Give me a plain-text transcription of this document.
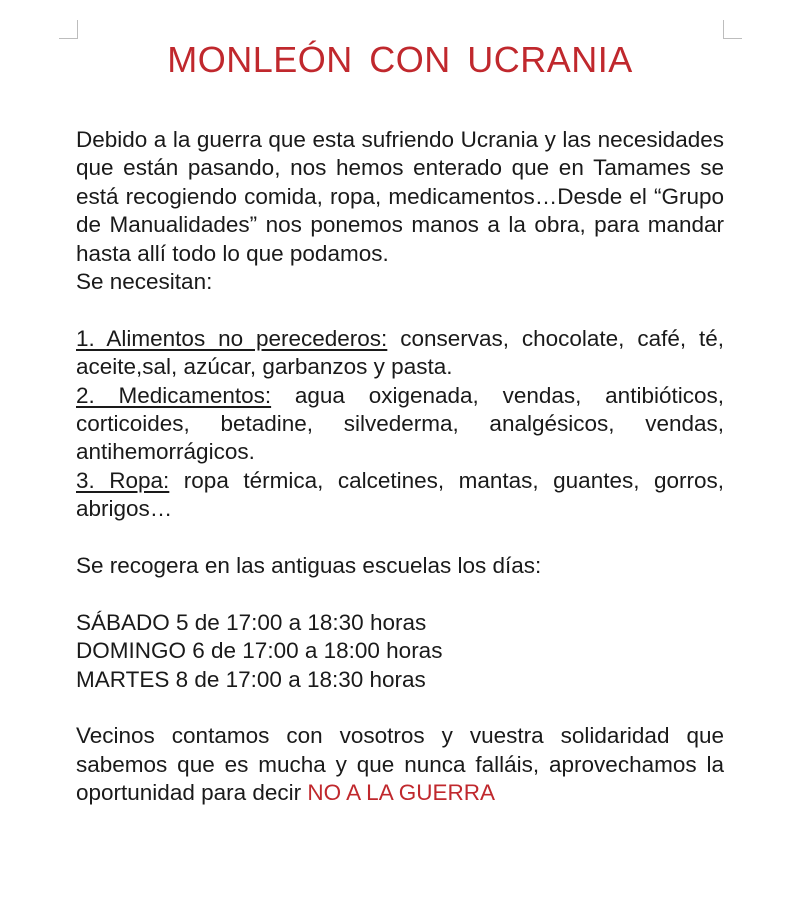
MONLEÓN CON UCRANIA

Debido a la guerra que esta sufriendo Ucrania y las necesidades que están pasando, nos hemos enterado que en Tamames se está recogiendo comida, ropa, medicamentos…Desde el “Grupo de Manualidades” nos ponemos manos a la obra, para mandar hasta allí todo lo que podamos.

Se necesitan:

1. Alimentos no perecederos: conservas, chocolate, café, té, aceite,sal, azúcar, garbanzos y pasta.

2. Medicamentos: agua oxigenada, vendas, antibióticos, corticoides, betadine, silvederma, analgésicos, vendas, antihemorrágicos.

3. Ropa: ropa térmica, calcetines, mantas, guantes, gorros, abrigos…

Se recogera en las antiguas escuelas los días:

SÁBADO 5 de 17:00 a 18:30 horas

DOMINGO 6 de 17:00 a 18:00 horas

MARTES 8 de 17:00 a 18:30 horas

Vecinos contamos con vosotros y vuestra solidaridad que sabemos que es mucha y que nunca falláis, aprovechamos la oportunidad para decir NO A LA GUERRA
